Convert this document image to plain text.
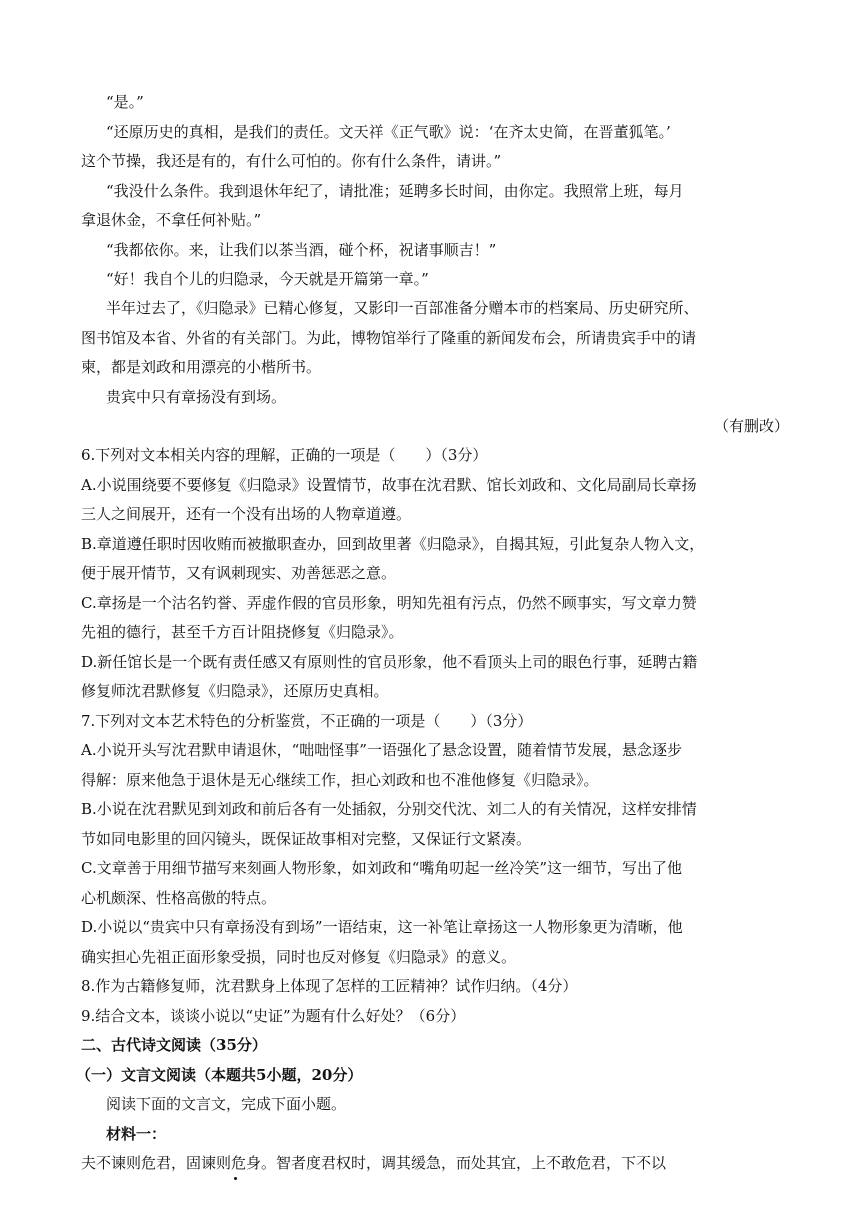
“是。”
“还原历史的真相，是我们的责任。文天祥《正气歌》说：‘在齐太史简，在晋董狐笔。’
这个节操，我还是有的，有什么可怕的。你有什么条件，请讲。”
“我没什么条件。我到退休年纪了，请批准；延聘多长时间，由你定。我照常上班，每月
拿退休金，不拿任何补贴。”
“我都依你。来，让我们以茶当酒，碰个杯，祝诸事顺吉！”
“好！我自个儿的归隐录，今天就是开篇第一章。”
半年过去了，《归隐录》已精心修复，又影印一百部准备分赠本市的档案局、历史研究所、
图书馆及本省、外省的有关部门。为此，博物馆举行了隆重的新闻发布会，所请贵宾手中的请
柬，都是刘政和用漂亮的小楷所书。
贵宾中只有章扬没有到场。
（有删改）
6.下列对文本相关内容的理解，正确的一项是（　　）（3分）
A.小说围绕要不要修复《归隐录》设置情节，故事在沈君默、馆长刘政和、文化局副局长章扬
三人之间展开，还有一个没有出场的人物章道遵。
B.章道遵任职时因收贿而被撤职查办，回到故里著《归隐录》，自揭其短，引此复杂人物入文，
便于展开情节，又有讽刺现实、劝善惩恶之意。
C.章扬是一个沽名钓誉、弄虚作假的官员形象，明知先祖有污点，仍然不顾事实，写文章力赞
先祖的德行，甚至千方百计阻挠修复《归隐录》。
D.新任馆长是一个既有责任感又有原则性的官员形象，他不看顶头上司的眼色行事，延聘古籍
修复师沈君默修复《归隐录》，还原历史真相。
7.下列对文本艺术特色的分析鉴赏，不正确的一项是（　　）（3分）
A.小说开头写沈君默申请退休，“咄咄怪事”一语强化了悬念设置，随着情节发展，悬念逐步
得解：原来他急于退休是无心继续工作，担心刘政和也不准他修复《归隐录》。
B.小说在沈君默见到刘政和前后各有一处插叙，分别交代沈、刘二人的有关情况，这样安排情
节如同电影里的回闪镜头，既保证故事相对完整，又保证行文紧凑。
C.文章善于用细节描写来刻画人物形象，如刘政和“嘴角叨起一丝冷笑”这一细节，写出了他
心机颇深、性格高傲的特点。
D.小说以“贵宾中只有章扬没有到场”一语结束，这一补笔让章扬这一人物形象更为清晰，他
确实担心先祖正面形象受损，同时也反对修复《归隐录》的意义。
8.作为古籍修复师，沈君默身上体现了怎样的工匠精神？试作归纳。（4分）
9.结合文本，谈谈小说以“史证”为题有什么好处？（6分）
二、古代诗文阅读（35分）
（一）文言文阅读（本题共5小题，20分）
阅读下面的文言文，完成下面小题。
材料一：
夫不谏则危君，固谏则危身。智者度君权时，调其缓急，而处其宜，上不敢危君，下不以
